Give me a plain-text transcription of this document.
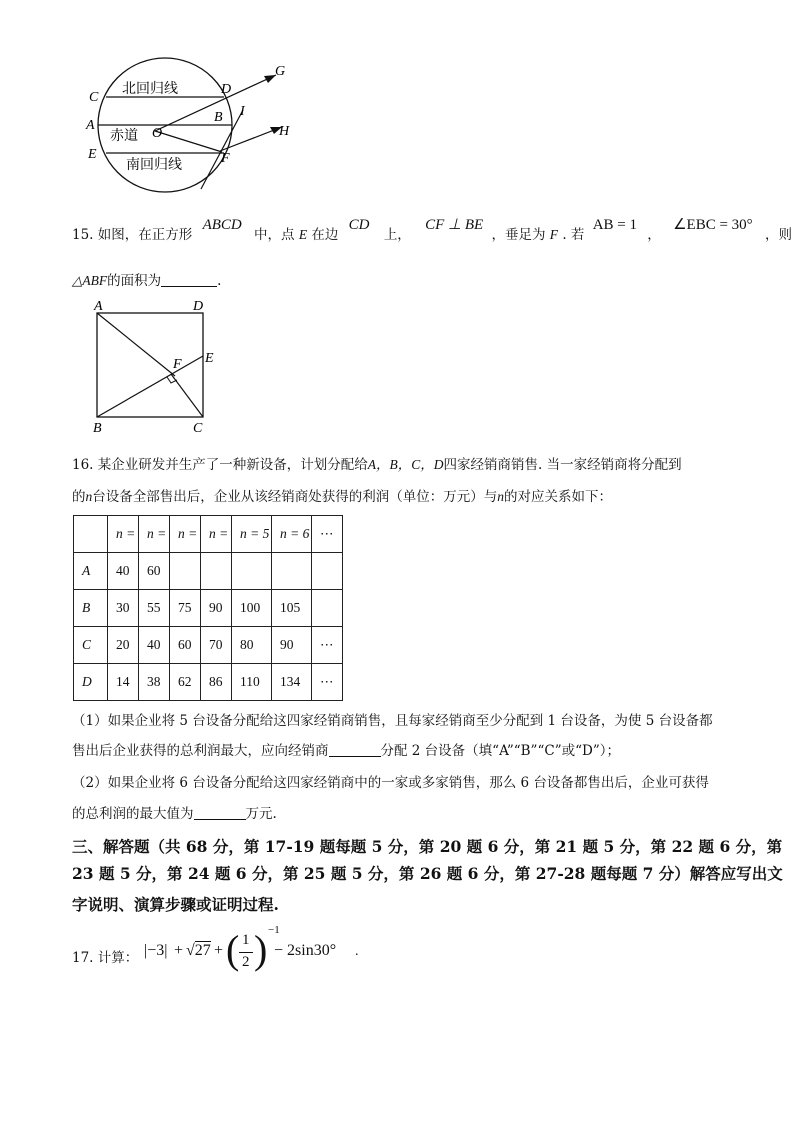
C
A
E
D
B
F
O
G
H
I
北回归线
赤道
南回归线
15. 如图，在正方形 ABCD 中，点 E 在边 CD 上， CF ⊥ BE ，垂足为 F . 若 AB = 1 ， ∠EBC = 30° ，则
△ABF的面积为	.
A	D
F E
B	C
16. 某企业研发并生产了一种新设备，计划分配给A，B，C，D四家经销商销售. 当一家经销商将分配到
的n台设备全部售出后，企业从该经销商处获得的利润（单位：万元）与n的对应关系如下：
	n =	n =	n =	n =	n = 5	n = 6	⋯
A	40	60					
B	30	55	75	90	100	105	
C	20	40	60	70	80	90	⋯
D	14	38	62	86	110	134	⋯
（1）如果企业将 5 台设备分配给这四家经销商销售，且每家经销商至少分配到 1 台设备，为使 5 台设备都
售出后企业获得的总利润最大，应向经销商	分配 2 台设备（填“A”“B”“C”或“D”）；
（2）如果企业将 6 台设备分配给这四家经销商中的一家或多家销售，那么 6 台设备都售出后，企业可获得
的总利润的最大值为	万元.
三、解答题（共 68 分，第 17-19 题每题 5 分，第 20 题 6 分，第 21 题 5 分，第 22 题 6 分，第
23 题 5 分，第 24 题 6 分，第 25 题 5 分，第 26 题 6 分，第 27-28 题每题 7 分）解答应写出文
字说明、演算步骤或证明过程.
17. 计算： |−3| + √27 + ( 1
2 ) −1
− 2sin30° .
